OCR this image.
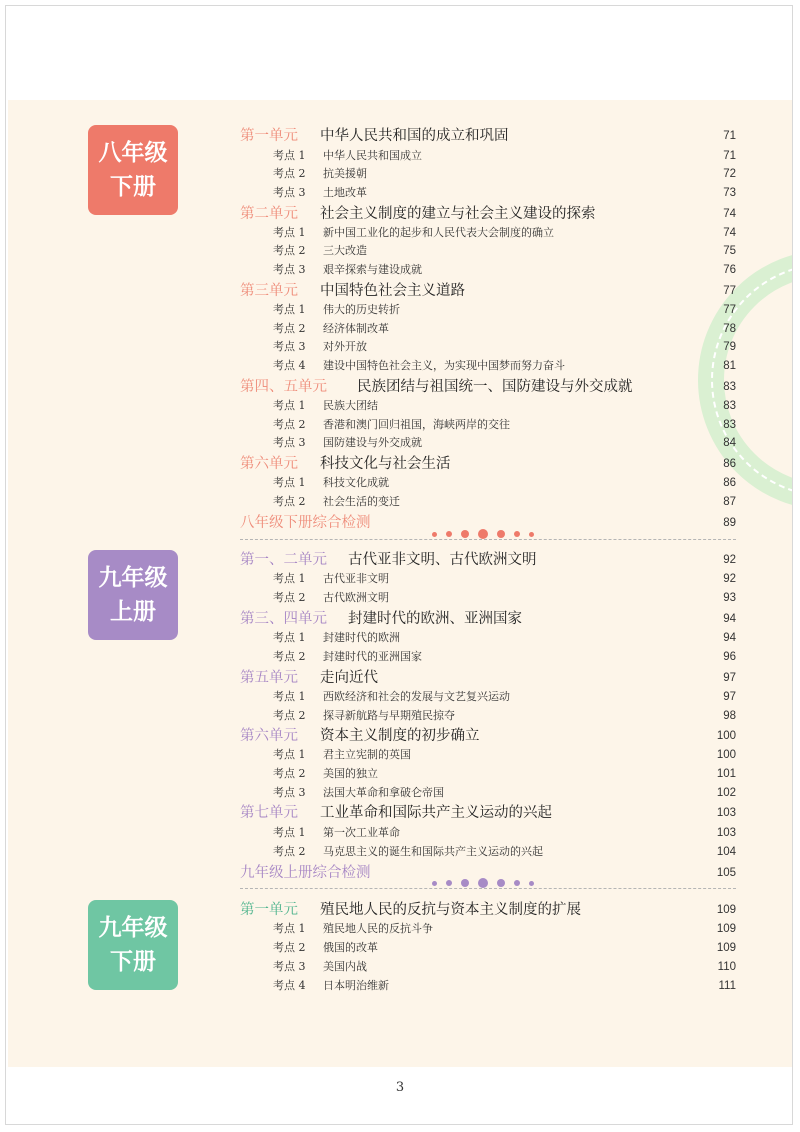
八年级
下册
九年级
上册
九年级
下册
第一单元 中华人民共和国的成立和巩固	71
考点 1 中华人民共和国成立	71
考点 2 抗美援朝	72
考点 3 土地改革	73
第二单元 社会主义制度的建立与社会主义建设的探索	74
考点 1 新中国工业化的起步和人民代表大会制度的确立	74
考点 2 三大改造	75
考点 3 艰辛探索与建设成就	76
第三单元 中国特色社会主义道路	77
考点 1 伟大的历史转折	77
考点 2 经济体制改革	78
考点 3 对外开放	79
考点 4 建设中国特色社会主义，为实现中国梦而努力奋斗	81
第四、五单元 民族团结与祖国统一、国防建设与外交成就	83
考点 1 民族大团结	83
考点 2 香港和澳门回归祖国，海峡两岸的交往	83
考点 3 国防建设与外交成就	84
第六单元 科技文化与社会生活	86
考点 1 科技文化成就	86
考点 2 社会生活的变迁	87
八年级下册综合检测	89
第一、二单元 古代亚非文明、古代欧洲文明	92
考点 1 古代亚非文明	92
考点 2 古代欧洲文明	93
第三、四单元 封建时代的欧洲、亚洲国家	94
考点 1 封建时代的欧洲	94
考点 2 封建时代的亚洲国家	96
第五单元 走向近代	97
考点 1 西欧经济和社会的发展与文艺复兴运动	97
考点 2 探寻新航路与早期殖民掠夺	98
第六单元 资本主义制度的初步确立	100
考点 1 君主立宪制的英国	100
考点 2 美国的独立	101
考点 3 法国大革命和拿破仑帝国	102
第七单元 工业革命和国际共产主义运动的兴起	103
考点 1 第一次工业革命	103
考点 2 马克思主义的诞生和国际共产主义运动的兴起	104
九年级上册综合检测	105
第一单元 殖民地人民的反抗与资本主义制度的扩展	109
考点 1 殖民地人民的反抗斗争	109
考点 2 俄国的改革	109
考点 3 美国内战	110
考点 4 日本明治维新	111
3
